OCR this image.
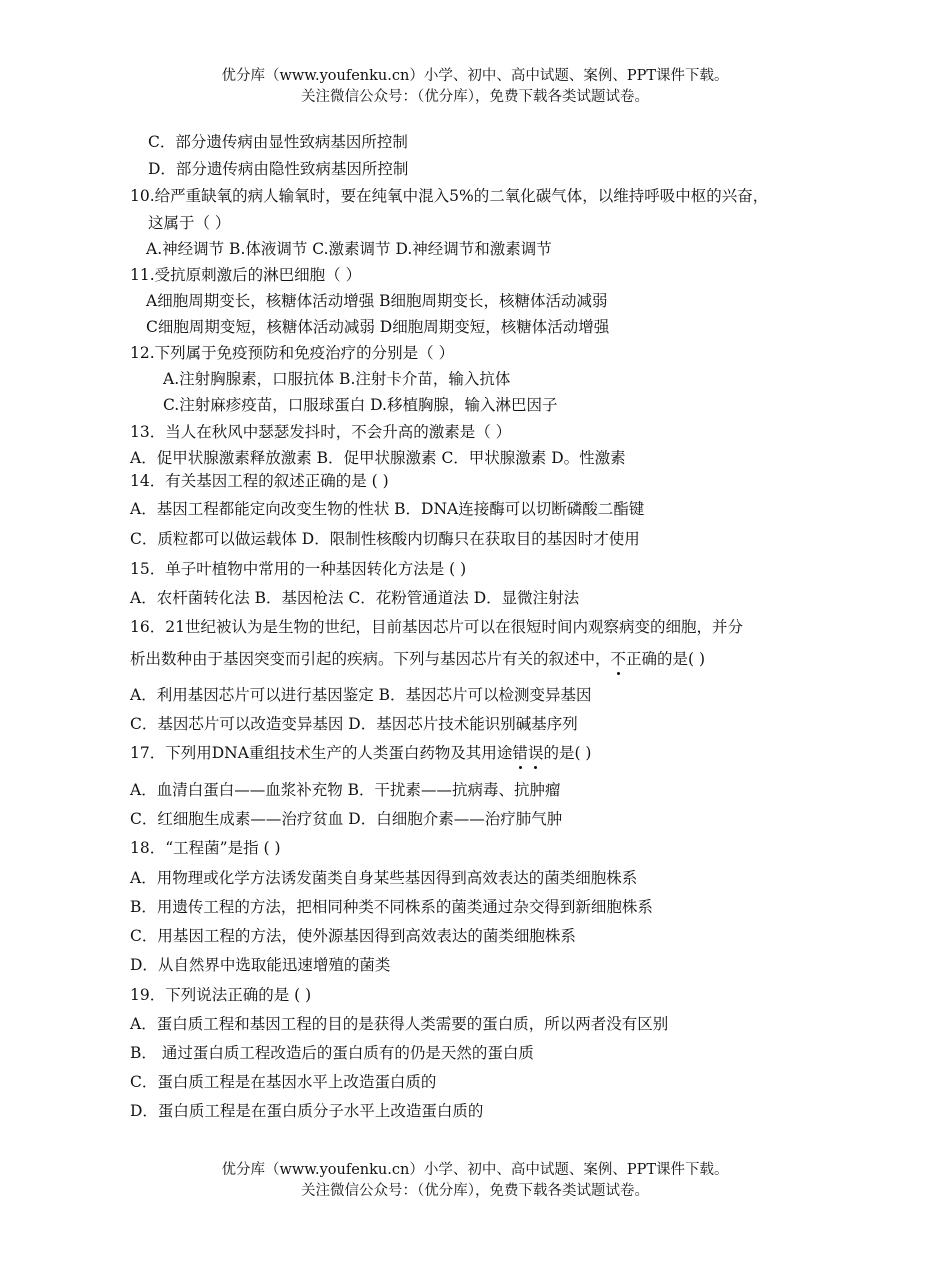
优分库（www.youfenku.cn）小学、初中、高中试题、案例、PPT课件下载。
关注微信公众号：（优分库），免费下载各类试题试卷。
C．部分遗传病由显性致病基因所控制
D．部分遗传病由隐性致病基因所控制
10.给严重缺氧的病人输氧时，要在纯氧中混入5%的二氧化碳气体，以维持呼吸中枢的兴奋，
这属于（ ）
A.神经调节 B.体液调节 C.激素调节 D.神经调节和激素调节
11.受抗原刺激后的淋巴细胞（ ）
A细胞周期变长，核糖体活动增强 B细胞周期变长，核糖体活动减弱
C细胞周期变短，核糖体活动减弱 D细胞周期变短，核糖体活动增强
12.下列属于免疫预防和免疫治疗的分别是（ ）
A.注射胸腺素，口服抗体 B.注射卡介苗，输入抗体
C.注射麻疹疫苗，口服球蛋白 D.移植胸腺，输入淋巴因子
13．当人在秋风中瑟瑟发抖时，不会升高的激素是（ ）
A．促甲状腺激素释放激素 B．促甲状腺激素 C．甲状腺激素 D。性激素
14．有关基因工程的叙述正确的是 ( )
A．基因工程都能定向改变生物的性状 B．DNA连接酶可以切断磷酸二酯键
C．质粒都可以做运载体 D．限制性核酸内切酶只在获取目的基因时才使用
15．单子叶植物中常用的一种基因转化方法是 ( )
A．农杆菌转化法 B．基因枪法 C．花粉管通道法 D．显微注射法
16．21世纪被认为是生物的世纪，目前基因芯片可以在很短时间内观察病变的细胞，并分
析出数种由于基因突变而引起的疾病。下列与基因芯片有关的叙述中，不正确的是( )
A．利用基因芯片可以进行基因鉴定 B．基因芯片可以检测变异基因
C．基因芯片可以改造变异基因 D．基因芯片技术能识别碱基序列
17．下列用DNA重组技术生产的人类蛋白药物及其用途错误的是( )
A．血清白蛋白——血浆补充物 B．干扰素——抗病毒、抗肿瘤
C．红细胞生成素——治疗贫血 D．白细胞介素——治疗肺气肿
18．“工程菌”是指 ( )
A．用物理或化学方法诱发菌类自身某些基因得到高效表达的菌类细胞株系
B．用遗传工程的方法，把相同种类不同株系的菌类通过杂交得到新细胞株系
C．用基因工程的方法，使外源基因得到高效表达的菌类细胞株系
D．从自然界中选取能迅速增殖的菌类
19．下列说法正确的是 ( )
A．蛋白质工程和基因工程的目的是获得人类需要的蛋白质，所以两者没有区别
B． 通过蛋白质工程改造后的蛋白质有的仍是天然的蛋白质
C．蛋白质工程是在基因水平上改造蛋白质的
D．蛋白质工程是在蛋白质分子水平上改造蛋白质的
优分库（www.youfenku.cn）小学、初中、高中试题、案例、PPT课件下载。
关注微信公众号：（优分库），免费下载各类试题试卷。
